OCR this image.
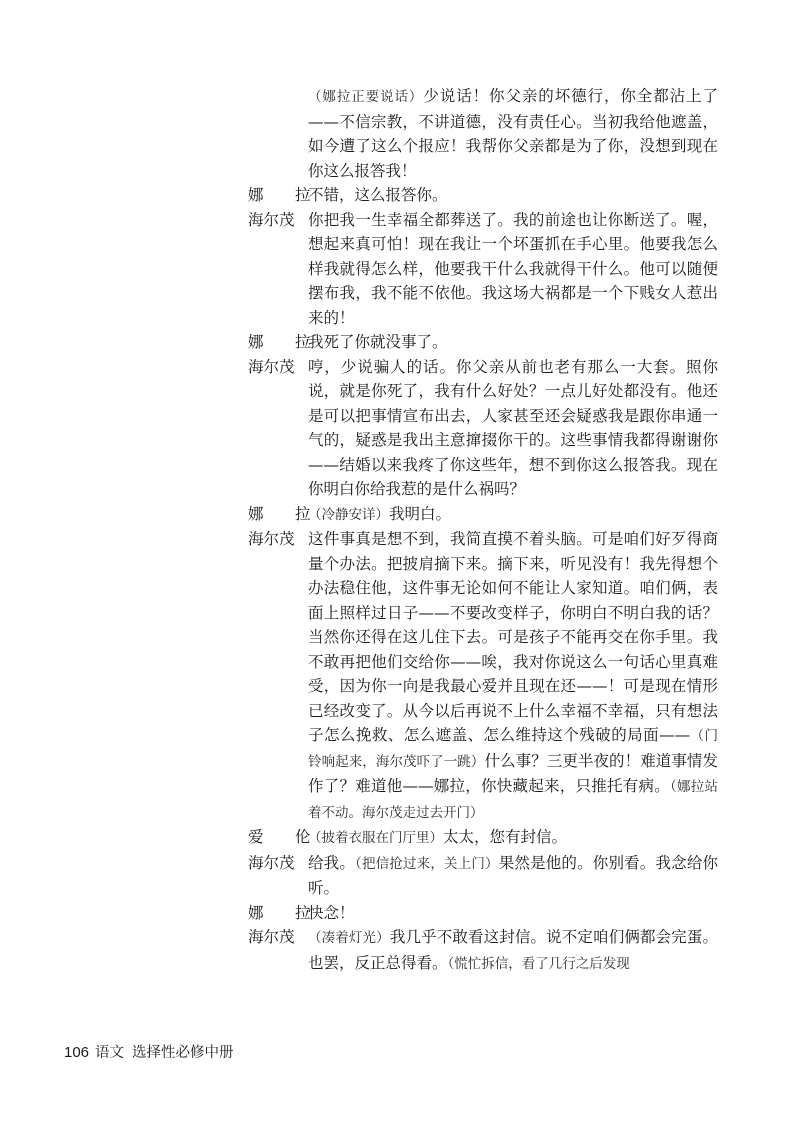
（娜拉正要说话）少说话！你父亲的坏德行，你全都沾上了——不信宗教，不讲道德，没有责任心。当初我给他遮盖，如今遭了这么个报应！我帮你父亲都是为了你，没想到现在你这么报答我！
娜　拉
不错，这么报答你。
海尔茂 你把我一生幸福全都葬送了。我的前途也让你断送了。喔，想起来真可怕！现在我让一个坏蛋抓在手心里。他要我怎么样我就得怎么样，他要我干什么我就得干什么。他可以随便摆布我，我不能不依他。我这场大祸都是一个下贱女人惹出来的！
娜　拉
我死了你就没事了。
海尔茂 哼，少说骗人的话。你父亲从前也老有那么一大套。照你说，就是你死了，我有什么好处？一点儿好处都没有。他还是可以把事情宣布出去，人家甚至还会疑惑我是跟你串通一气的，疑惑是我出主意撺掇你干的。这些事情我都得谢谢你——结婚以来我疼了你这些年，想不到你这么报答我。现在你明白你给我惹的是什么祸吗？
娜　拉
（冷静安详）我明白。
海尔茂 这件事真是想不到，我简直摸不着头脑。可是咱们好歹得商量个办法。把披肩摘下来。摘下来，听见没有！我先得想个办法稳住他，这件事无论如何不能让人家知道。咱们俩，表面上照样过日子——不要改变样子，你明白不明白我的话？当然你还得在这儿住下去。可是孩子不能再交在你手里。我不敢再把他们交给你——唉，我对你说这么一句话心里真难受，因为你一向是我最心爱并且现在还——！可是现在情形已经改变了。从今以后再说不上什么幸福不幸福，只有想法子怎么挽救、怎么遮盖、怎么维持这个残破的局面——（门铃响起来，海尔茂吓了一跳）什么事？三更半夜的！难道事情发作了？难道他——娜拉，你快藏起来，只推托有病。（娜拉站着不动。海尔茂走过去开门）
爱　伦
（披着衣服在门厅里）太太，您有封信。
海尔茂 给我。（把信抢过来，关上门）果然是他的。你别看。我念给你听。
娜　拉
快念！
海尔茂 （凑着灯光）我几乎不敢看这封信。说不定咱们俩都会完蛋。也罢，反正总得看。（慌忙拆信，看了几行之后发现
106 语文 选择性必修中册
